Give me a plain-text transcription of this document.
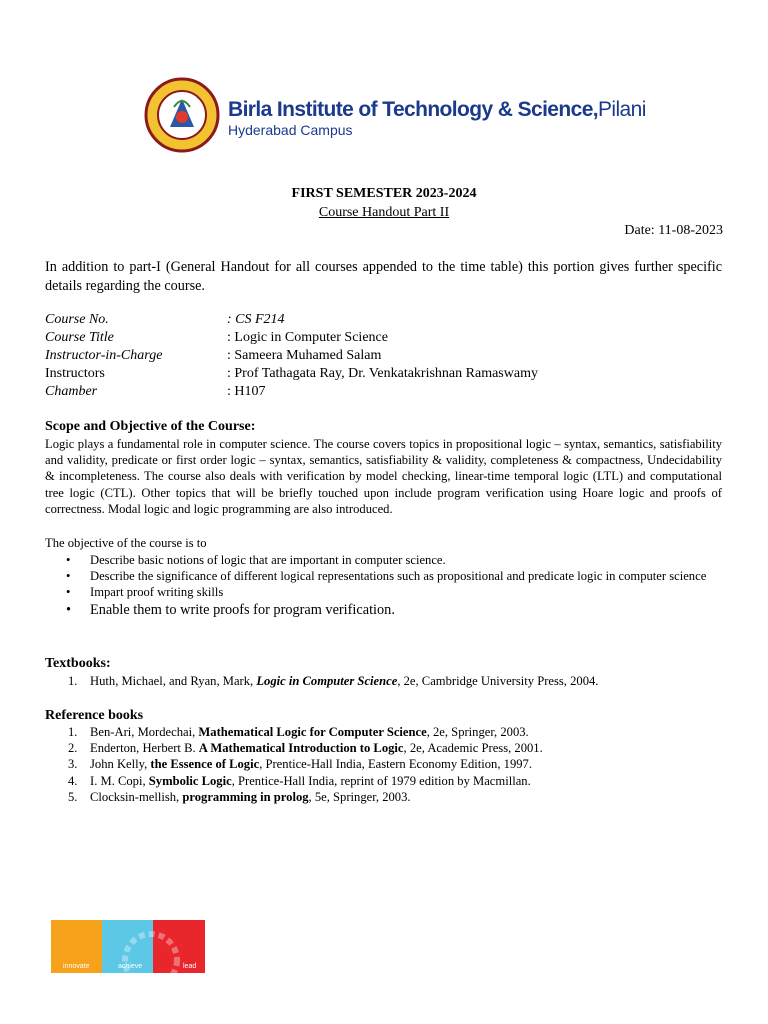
Birla Institute of Technology & Science,Pilani
Hyderabad Campus
FIRST SEMESTER 2023-2024
Course Handout Part II
Date: 11-08-2023
In addition to part-I (General Handout for all courses appended to the time table) this portion gives further specific details regarding the course.
Course No.	: CS F214
Course Title	: Logic in Computer Science
Instructor-in-Charge	: Sameera Muhamed Salam
Instructors	: Prof Tathagata Ray, Dr. Venkatakrishnan Ramaswamy
Chamber	: H107
Scope and Objective of the Course:
Logic plays a fundamental role in computer science. The course covers topics in propositional logic – syntax, semantics, satisfiability and validity, predicate or first order logic – syntax, semantics, satisfiability & validity, completeness & compactness, Undecidability & incompleteness. The course also deals with verification by model checking, linear-time temporal logic (LTL) and computational tree logic (CTL). Other topics that will be briefly touched upon include program verification using Hoare logic and proofs of correctness. Modal logic and logic programming are also introduced.
The objective of the course is to
• Describe basic notions of logic that are important in computer science.
• Describe the significance of different logical representations such as propositional and predicate logic in computer science
• Impart proof writing skills
• Enable them to write proofs for program verification.
Textbooks:
1. Huth, Michael, and Ryan, Mark, Logic in Computer Science, 2e, Cambridge University Press, 2004.
Reference books
1. Ben-Ari, Mordechai, Mathematical Logic for Computer Science, 2e, Springer, 2003.
2. Enderton, Herbert B. A Mathematical Introduction to Logic, 2e, Academic Press, 2001.
3. John Kelly, the Essence of Logic, Prentice-Hall India, Eastern Economy Edition, 1997.
4. I. M. Copi, Symbolic Logic, Prentice-Hall India, reprint of 1979 edition by Macmillan.
5. Clocksin-mellish, programming in prolog, 5e, Springer, 2003.
innovate	achieve	lead
